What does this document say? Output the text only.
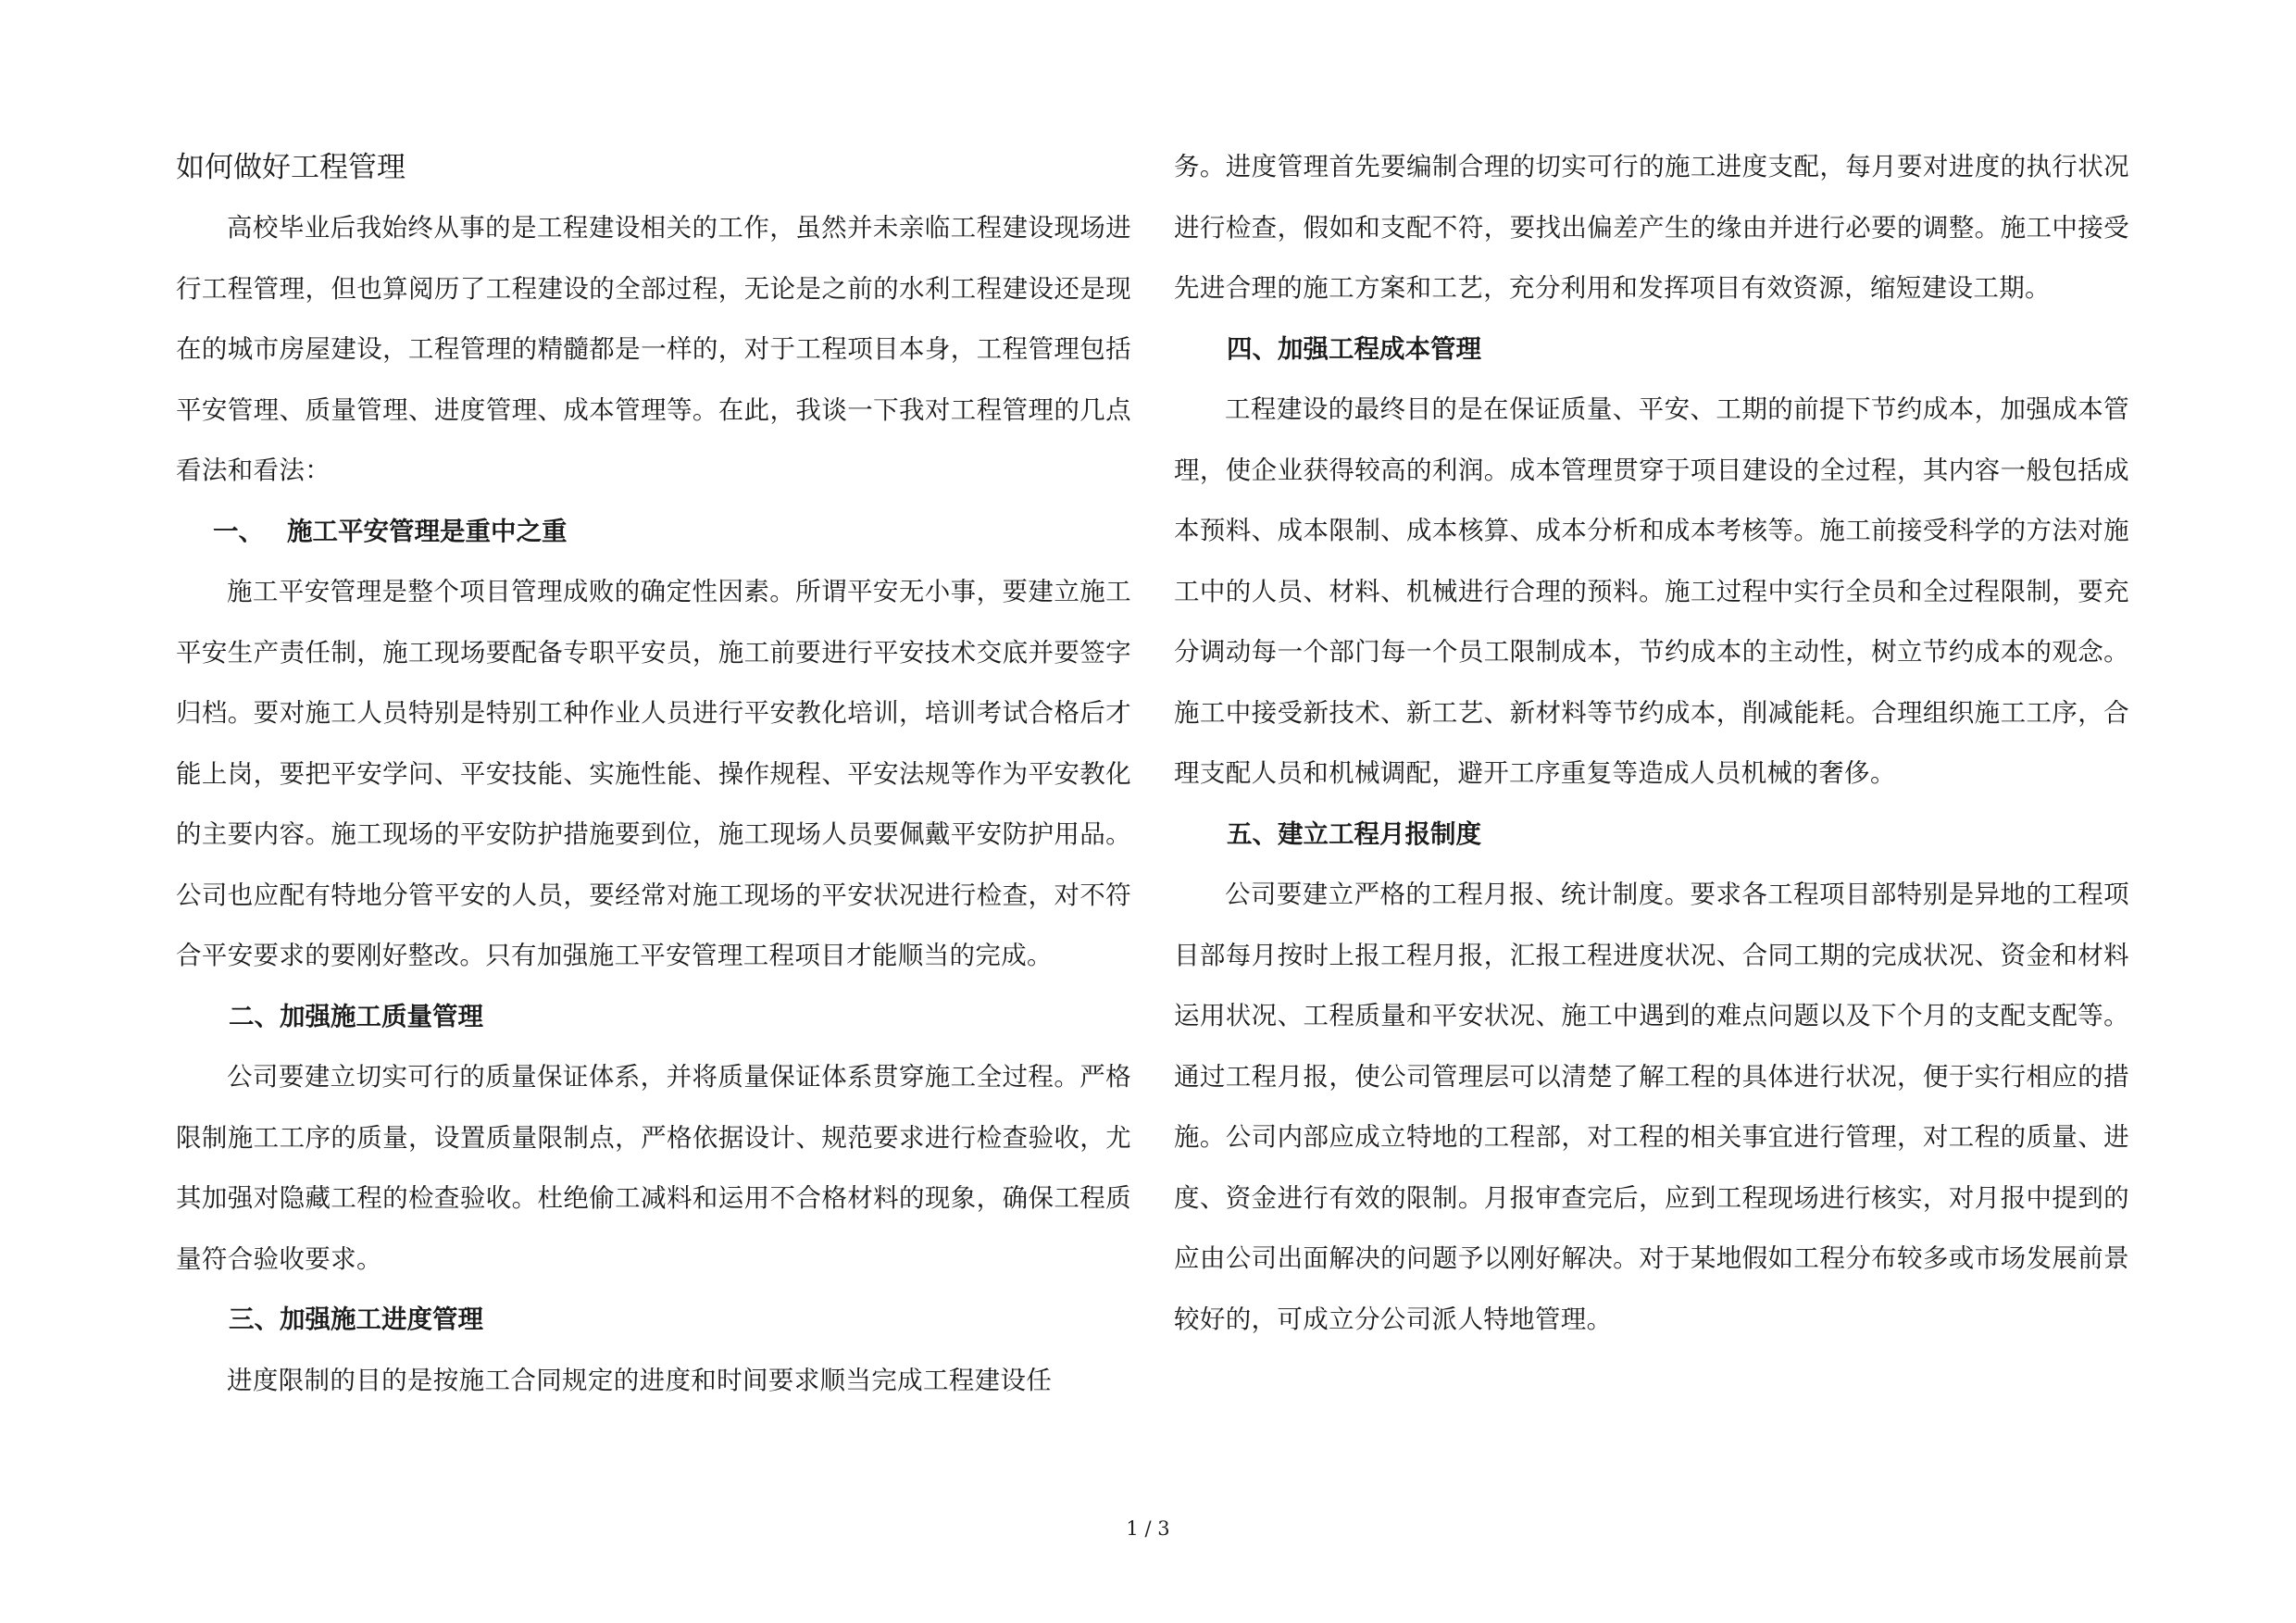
如何做好工程管理

高校毕业后我始终从事的是工程建设相关的工作，虽然并未亲临工程建设现场进行工程管理，但也算阅历了工程建设的全部过程，无论是之前的水利工程建设还是现在的城市房屋建设，工程管理的精髓都是一样的，对于工程项目本身，工程管理包括平安管理、质量管理、进度管理、成本管理等。在此，我谈一下我对工程管理的几点看法和看法：

一、 施工平安管理是重中之重

施工平安管理是整个项目管理成败的确定性因素。所谓平安无小事，要建立施工平安生产责任制，施工现场要配备专职平安员，施工前要进行平安技术交底并要签字归档。要对施工人员特别是特别工种作业人员进行平安教化培训，培训考试合格后才能上岗，要把平安学问、平安技能、实施性能、操作规程、平安法规等作为平安教化的主要内容。施工现场的平安防护措施要到位，施工现场人员要佩戴平安防护用品。公司也应配有特地分管平安的人员，要经常对施工现场的平安状况进行检查，对不符合平安要求的要刚好整改。只有加强施工平安管理工程项目才能顺当的完成。

二、加强施工质量管理

公司要建立切实可行的质量保证体系，并将质量保证体系贯穿施工全过程。严格限制施工工序的质量，设置质量限制点，严格依据设计、规范要求进行检查验收，尤其加强对隐藏工程的检查验收。杜绝偷工减料和运用不合格材料的现象，确保工程质量符合验收要求。

三、加强施工进度管理

进度限制的目的是按施工合同规定的进度和时间要求顺当完成工程建设任

务。进度管理首先要编制合理的切实可行的施工进度支配，每月要对进度的执行状况进行检查，假如和支配不符，要找出偏差产生的缘由并进行必要的调整。施工中接受先进合理的施工方案和工艺，充分利用和发挥项目有效资源，缩短建设工期。

四、加强工程成本管理

工程建设的最终目的是在保证质量、平安、工期的前提下节约成本，加强成本管理，使企业获得较高的利润。成本管理贯穿于项目建设的全过程，其内容一般包括成本预料、成本限制、成本核算、成本分析和成本考核等。施工前接受科学的方法对施工中的人员、材料、机械进行合理的预料。施工过程中实行全员和全过程限制，要充分调动每一个部门每一个员工限制成本，节约成本的主动性，树立节约成本的观念。施工中接受新技术、新工艺、新材料等节约成本，削减能耗。合理组织施工工序，合理支配人员和机械调配，避开工序重复等造成人员机械的奢侈。

五、建立工程月报制度

公司要建立严格的工程月报、统计制度。要求各工程项目部特别是异地的工程项目部每月按时上报工程月报，汇报工程进度状况、合同工期的完成状况、资金和材料运用状况、工程质量和平安状况、施工中遇到的难点问题以及下个月的支配支配等。通过工程月报，使公司管理层可以清楚了解工程的具体进行状况，便于实行相应的措施。公司内部应成立特地的工程部，对工程的相关事宜进行管理，对工程的质量、进度、资金进行有效的限制。月报审查完后，应到工程现场进行核实，对月报中提到的应由公司出面解决的问题予以刚好解决。对于某地假如工程分布较多或市场发展前景较好的，可成立分公司派人特地管理。

1 / 3
